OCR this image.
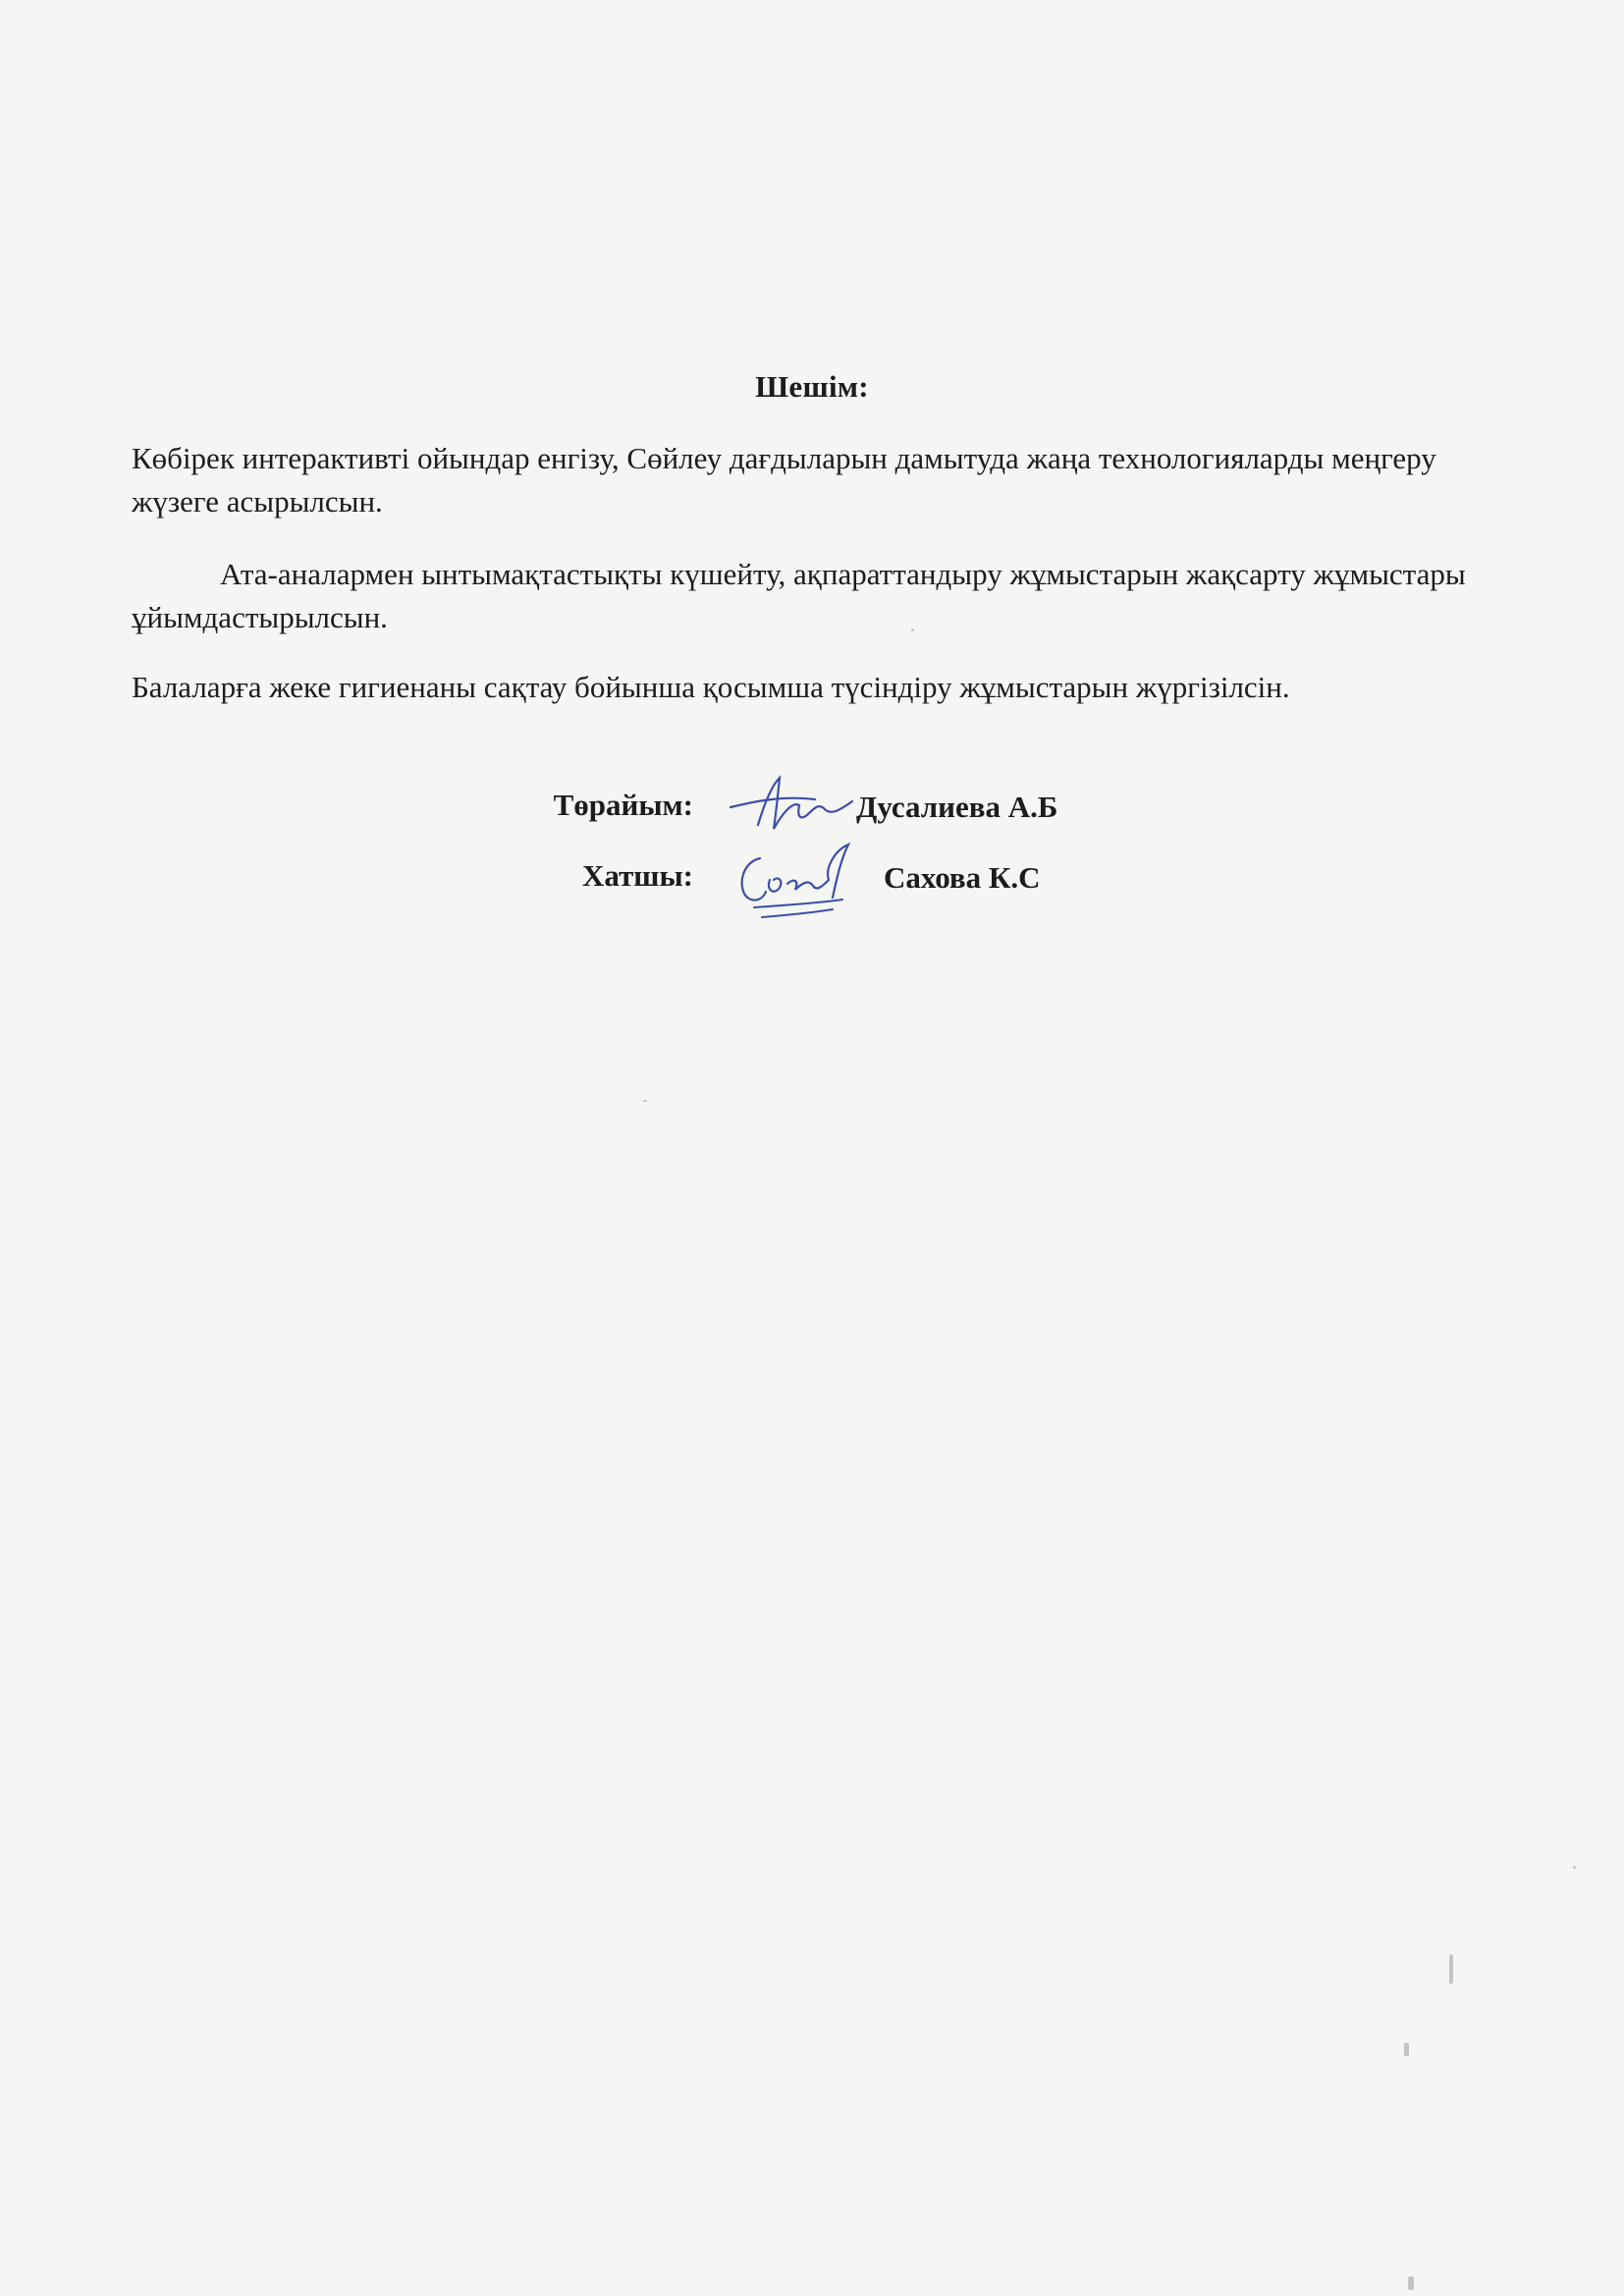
Шешім:

Көбірек интерактивті ойындар енгізу, Сөйлеу дағдыларын дамытуда жаңа технологияларды меңгеру жүзеге асырылсын.

Ата-аналармен ынтымақтастықты күшейту, ақпараттандыру жұмыстарын жақсарту жұмыстары ұйымдастырылсын.

Балаларға жеке гигиенаны сақтау бойынша қосымша түсіндіру жұмыстарын жүргізілсін.

Төрайым:	Дусалиева А.Б
Хатшы:	Сахова К.С
